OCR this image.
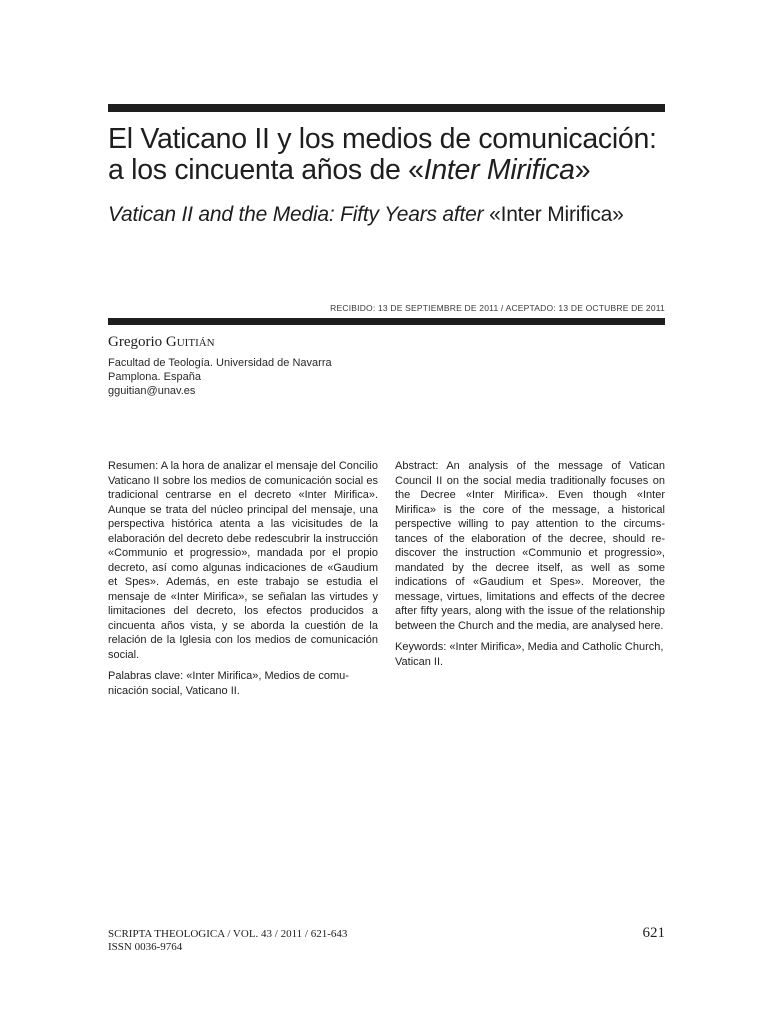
El Vaticano II y los medios de comunicación:
a los cincuenta años de «Inter Mirifica»
Vatican II and the Media: Fifty Years after «Inter Mirifica»
RECIBIDO: 13 DE SEPTIEMBRE DE 2011 / ACEPTADO: 13 DE OCTUBRE DE 2011
Gregorio Guitián
Facultad de Teología. Universidad de Navarra
Pamplona. España
gguitian@unav.es

Resumen: A la hora de analizar el mensaje del Concilio Vaticano II sobre los medios de comunicación social es tradicional centrarse en el decreto «Inter Mirifica». Aunque se trata del núcleo principal del mensaje, una perspectiva histórica atenta a las vicisitudes de la elaboración del decreto debe redescubrir la instrucción «Communio et progressio», mandada por el propio decreto, así como algunas indicaciones de «Gaudium et Spes». Además, en este trabajo se estudia el mensaje de «Inter Mirifica», se señalan las virtudes y limitaciones del decreto, los efectos producidos a cincuenta años vista, y se aborda la cuestión de la relación de la Iglesia con los medios de comunicación social.

Palabras clave: «Inter Mirifica», Medios de comunicación social, Vaticano II.

Abstract: An analysis of the message of Vatican Council II on the social media traditionally focuses on the Decree «Inter Mirifica». Even though «Inter Mirifica» is the core of the message, a historical perspective willing to pay attention to the circumstances of the elaboration of the decree, should rediscover the instruction «Communio et progressio», mandated by the decree itself, as well as some indications of «Gaudium et Spes». Moreover, the message, virtues, limitations and effects of the decree after fifty years, along with the issue of the relationship between the Church and the media, are analysed here.

Keywords: «Inter Mirifica», Media and Catholic Church, Vatican II.

SCRIPTA THEOLOGICA / VOL. 43 / 2011 / 621-643
ISSN 0036-9764
621
